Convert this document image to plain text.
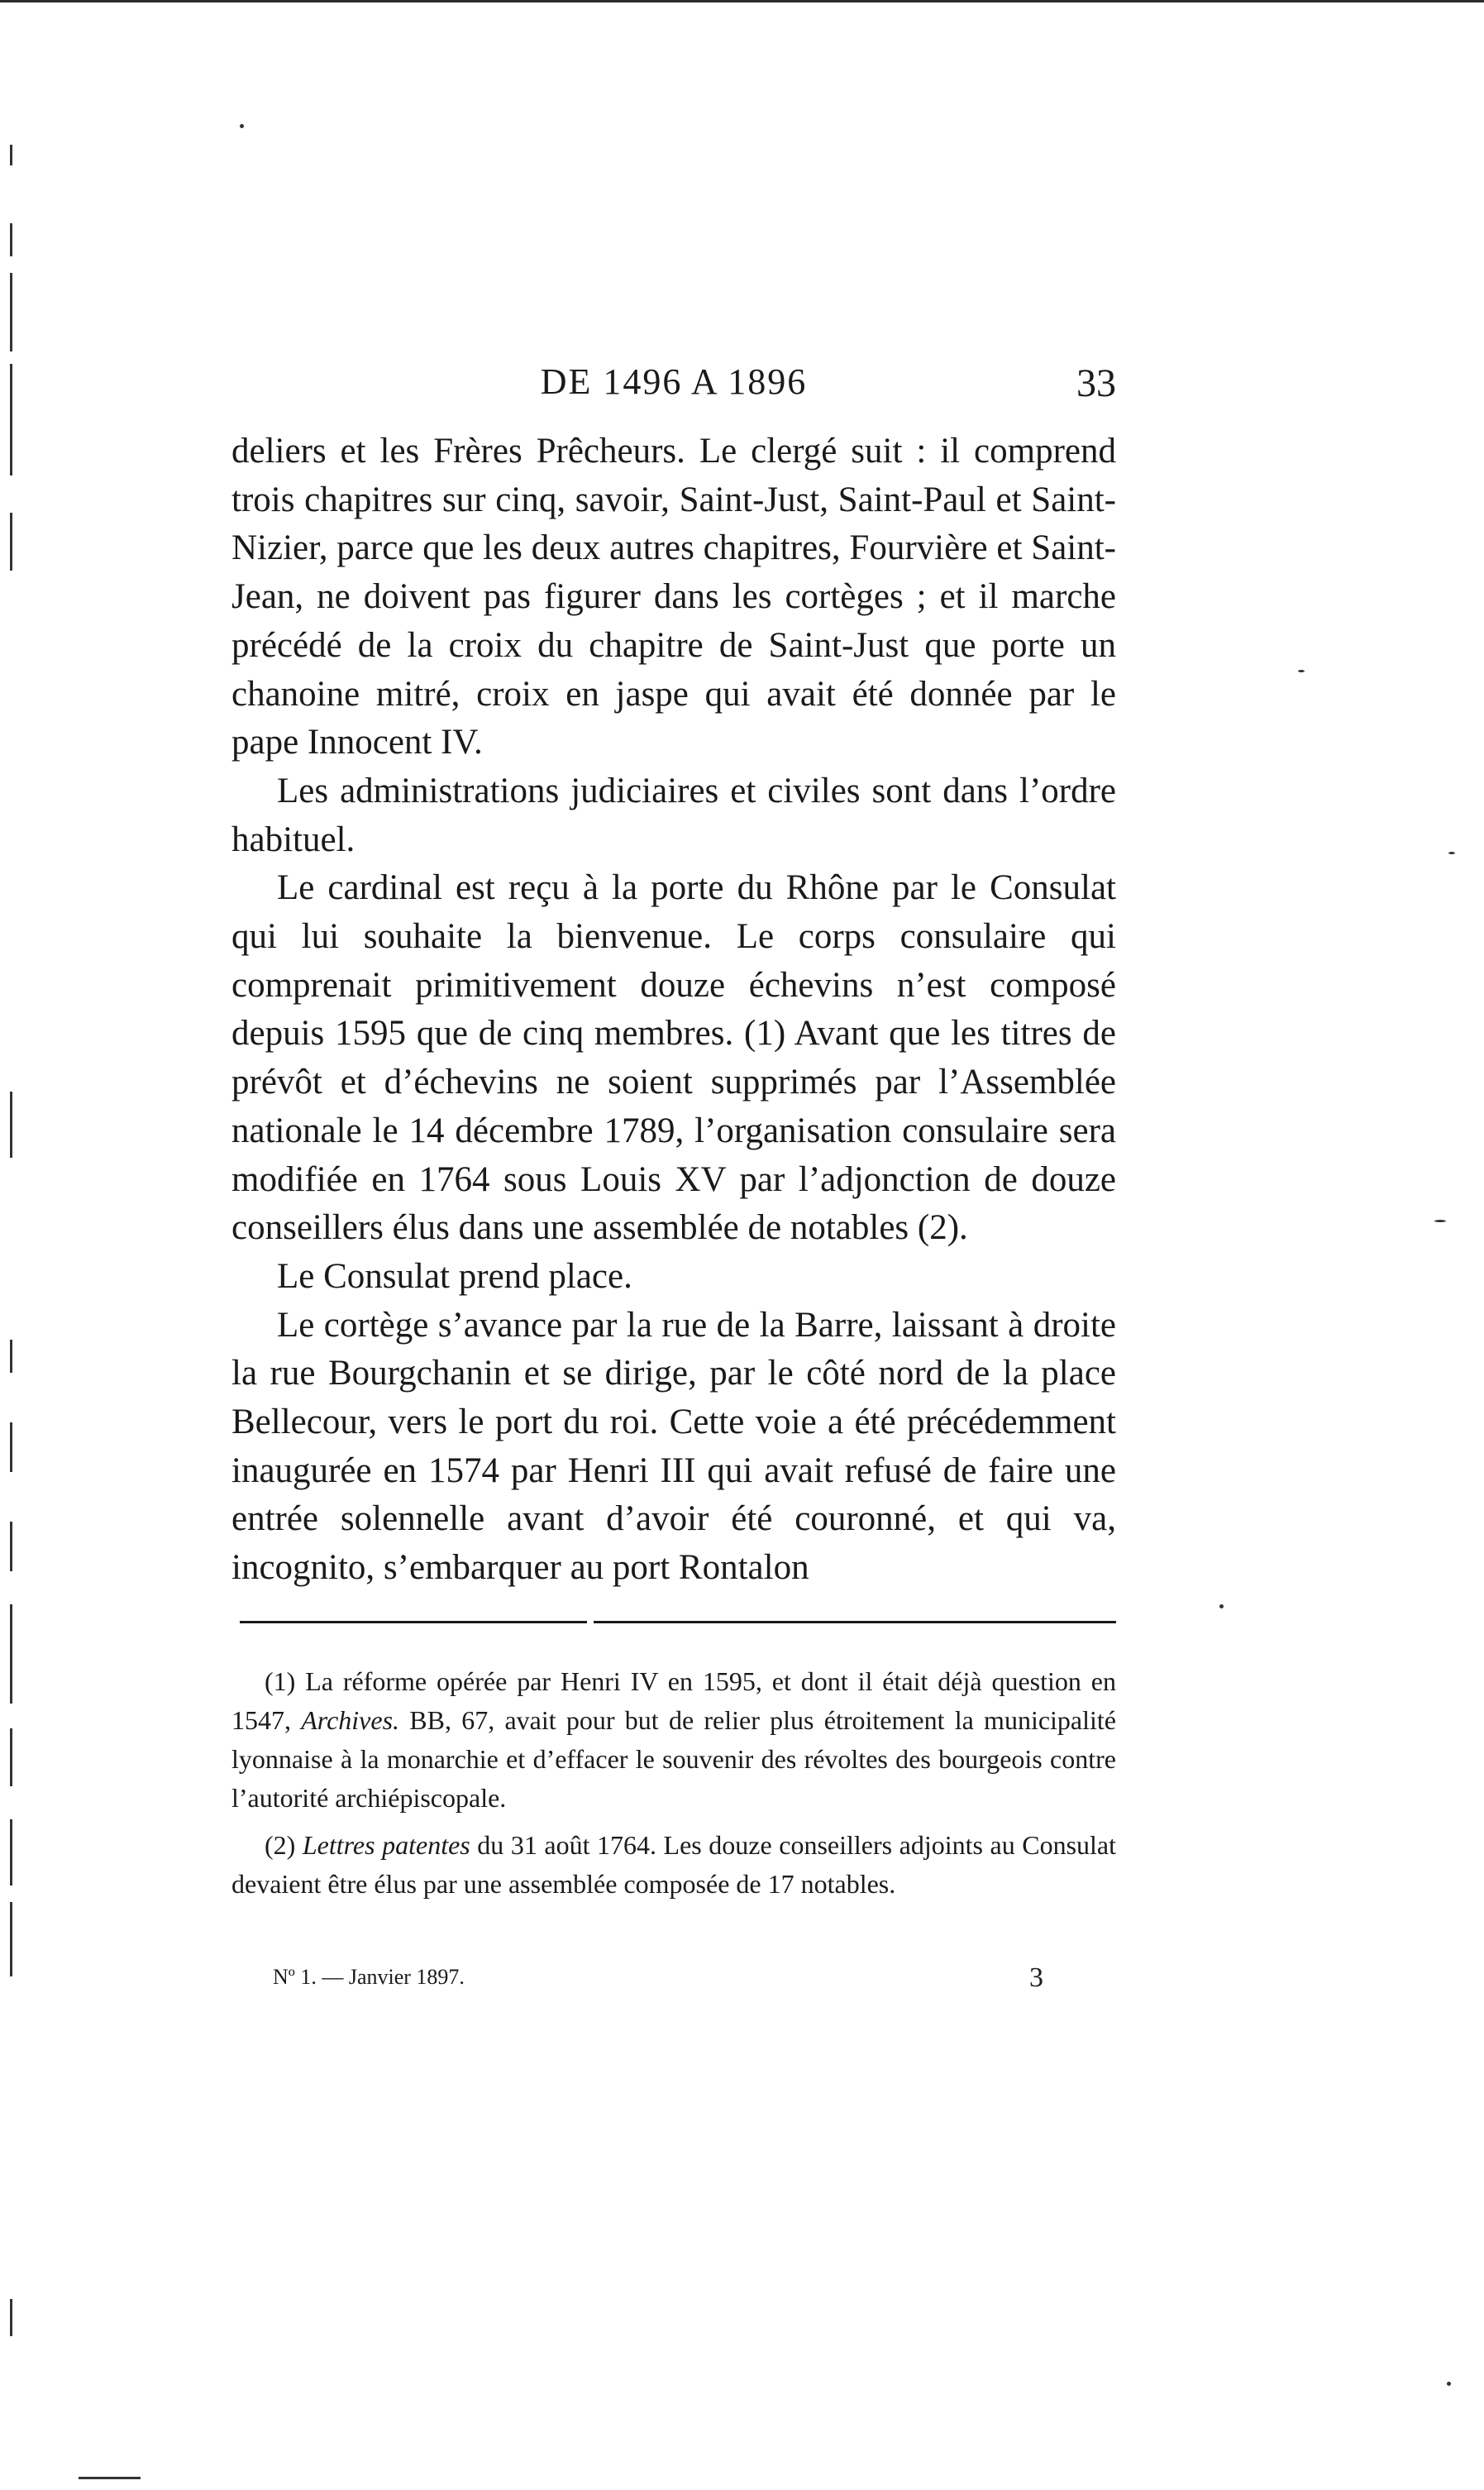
DE 1496 A 1896	33

deliers et les Frères Prêcheurs. Le clergé suit : il comprend trois chapitres sur cinq, savoir, Saint-Just, Saint-Paul et Saint-Nizier, parce que les deux autres chapitres, Fourvière et Saint-Jean, ne doivent pas figurer dans les cortèges ; et il marche précédé de la croix du chapitre de Saint-Just que porte un chanoine mitré, croix en jaspe qui avait été donnée par le pape Innocent IV.

Les administrations judiciaires et civiles sont dans l’ordre habituel.

Le cardinal est reçu à la porte du Rhône par le Consulat qui lui souhaite la bienvenue. Le corps consulaire qui comprenait primitivement douze échevins n’est composé depuis 1595 que de cinq membres. (1) Avant que les titres de prévôt et d’échevins ne soient supprimés par l’Assemblée nationale le 14 décembre 1789, l’organisation consulaire sera modifiée en 1764 sous Louis XV par l’adjonction de douze conseillers élus dans une assemblée de notables (2).

Le Consulat prend place.

Le cortège s’avance par la rue de la Barre, laissant à droite la rue Bourgchanin et se dirige, par le côté nord de la place Bellecour, vers le port du roi. Cette voie a été précédemment inaugurée en 1574 par Henri III qui avait refusé de faire une entrée solennelle avant d’avoir été couronné, et qui va, incognito, s’embarquer au port Rontalon

(1) La réforme opérée par Henri IV en 1595, et dont il était déjà question en 1547, Archives. BB, 67, avait pour but de relier plus étroitement la municipalité lyonnaise à la monarchie et d’effacer le souvenir des révoltes des bourgeois contre l’autorité archiépiscopale.

(2) Lettres patentes du 31 août 1764. Les douze conseillers adjoints au Consulat devaient être élus par une assemblée composée de 17 notables.

Nº 1. — Janvier 1897.	3
